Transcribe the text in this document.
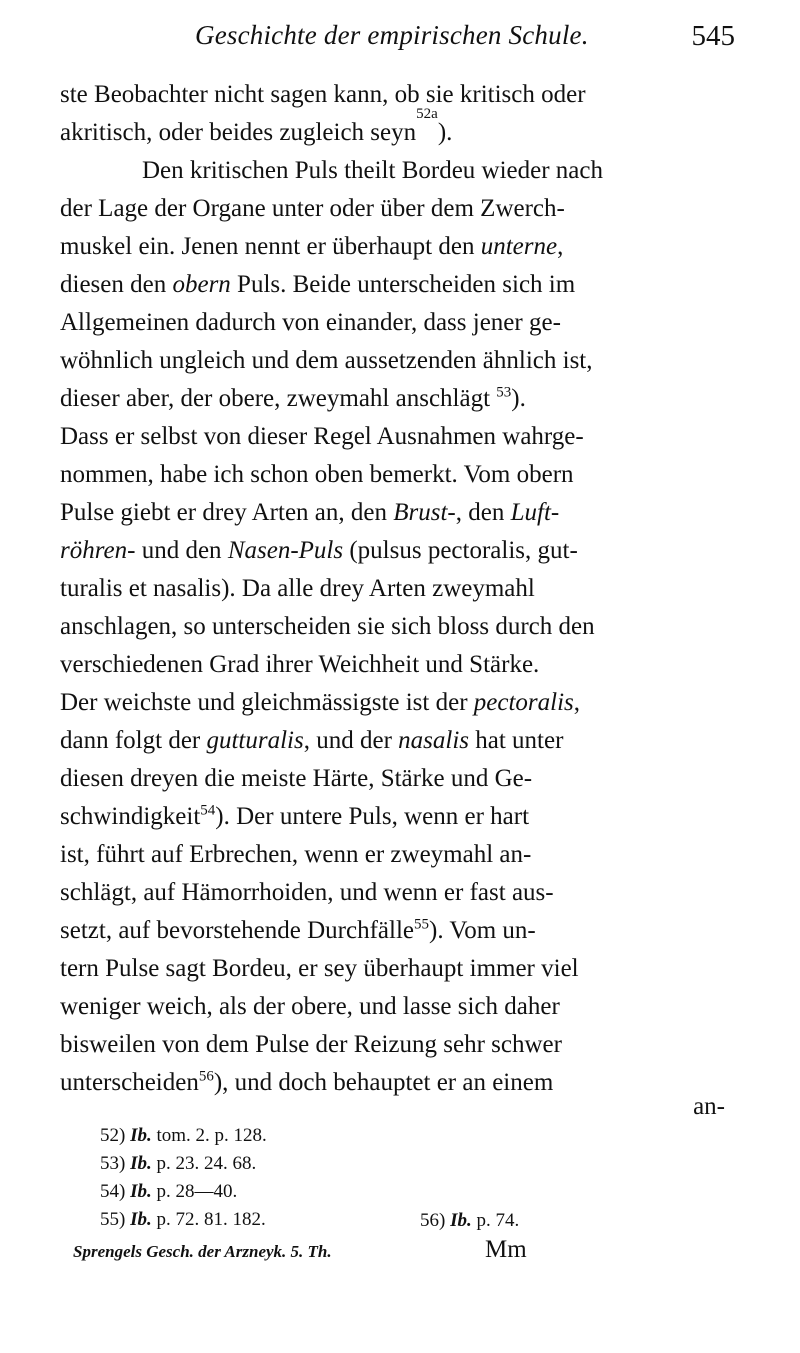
Geschichte der empirischen Schule.	545
ste Beobachter nicht sagen kann, ob sie kritisch oder
akritisch, oder beides zugleich seyn
52a
).
Den kritischen Puls theilt Bordeu wieder nach
der Lage der Organe unter oder über dem Zwerch-
muskel ein. Jenen nennt er überhaupt den unterne,
diesen den obern Puls. Beide unterscheiden sich im
Allgemeinen dadurch von einander, dass jener ge-
wöhnlich ungleich und dem aussetzenden ähnlich ist,
dieser aber, der obere, zweymahl anschlägt $^{53}$).
Dass er selbst von dieser Regel Ausnahmen wahrge-
nommen, habe ich schon oben bemerkt. Vom obern
Pulse giebt er drey Arten an, den Brust-, den Luft-
röhren- und den Nasen-Puls (pulsus pectoralis, gut-
turalis et nasalis). Da alle drey Arten zweymahl
anschlagen, so unterscheiden sie sich bloss durch den
verschiedenen Grad ihrer Weichheit und Stärke.
Der weichste und gleichmässigste ist der pectoralis,
dann folgt der gutturalis, und der nasalis hat unter
diesen dreyen die meiste Härte, Stärke und Ge-
schwindigkeit$^{54}$). Der untere Puls, wenn er hart
ist, führt auf Erbrechen, wenn er zweymahl an-
schlägt, auf Hämorrhoiden, und wenn er fast aus-
setzt, auf bevorstehende Durchfälle$^{55}$). Vom un-
tern Pulse sagt Bordeu, er sey überhaupt immer viel
weniger weich, als der obere, und lasse sich daher
bisweilen von dem Pulse der Reizung sehr schwer
unterscheiden$^{56}$), und doch behauptet er an einem
an-
52) Ib. tom. 2. p. 128.
53) Ib. p. 23. 24. 68.
54) Ib. p. 28—40.
55) Ib. p. 72. 81. 182.	56) Ib. p. 74.
Sprengels Gesch. der Arzneyk. 5. Th.	Mm
